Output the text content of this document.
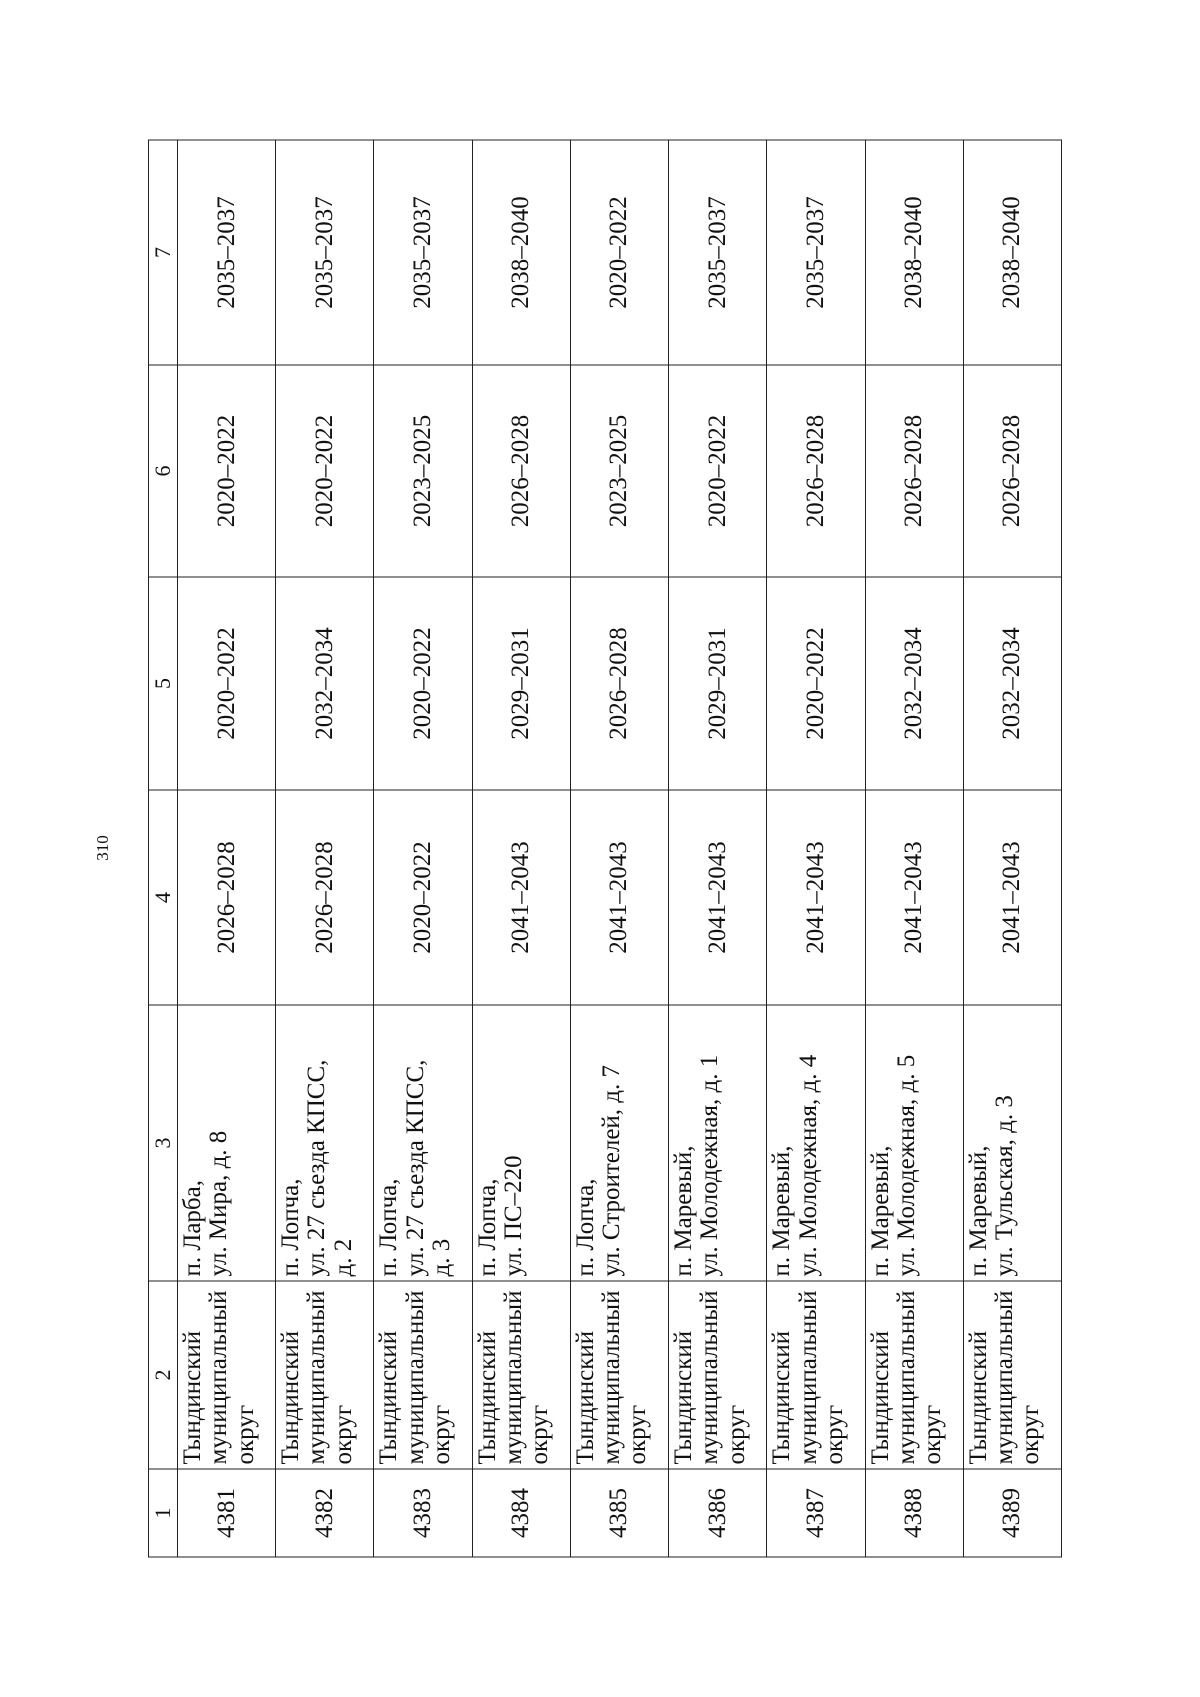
310
1	2	3	4	5	6	7
4381	Тындинский муниципальный округ	п. Ларба, ул. Мира, д. 8	2026–2028	2020–2022	2020–2022	2035–2037
4382	Тындинский муниципальный округ	п. Лопча, ул. 27 съезда КПСС, д. 2	2026–2028	2032–2034	2020–2022	2035–2037
4383	Тындинский муниципальный округ	п. Лопча, ул. 27 съезда КПСС, д. 3	2020–2022	2020–2022	2023–2025	2035–2037
4384	Тындинский муниципальный округ	п. Лопча, ул. ПС–220	2041–2043	2029–2031	2026–2028	2038–2040
4385	Тындинский муниципальный округ	п. Лопча, ул. Строителей, д. 7	2041–2043	2026–2028	2023–2025	2020–2022
4386	Тындинский муниципальный округ	п. Маревый, ул. Молодежная, д. 1	2041–2043	2029–2031	2020–2022	2035–2037
4387	Тындинский муниципальный округ	п. Маревый, ул. Молодежная, д. 4	2041–2043	2020–2022	2026–2028	2035–2037
4388	Тындинский муниципальный округ	п. Маревый, ул. Молодежная, д. 5	2041–2043	2032–2034	2026–2028	2038–2040
4389	Тындинский муниципальный округ	п. Маревый, ул. Тульская, д. 3	2041–2043	2032–2034	2026–2028	2038–2040
